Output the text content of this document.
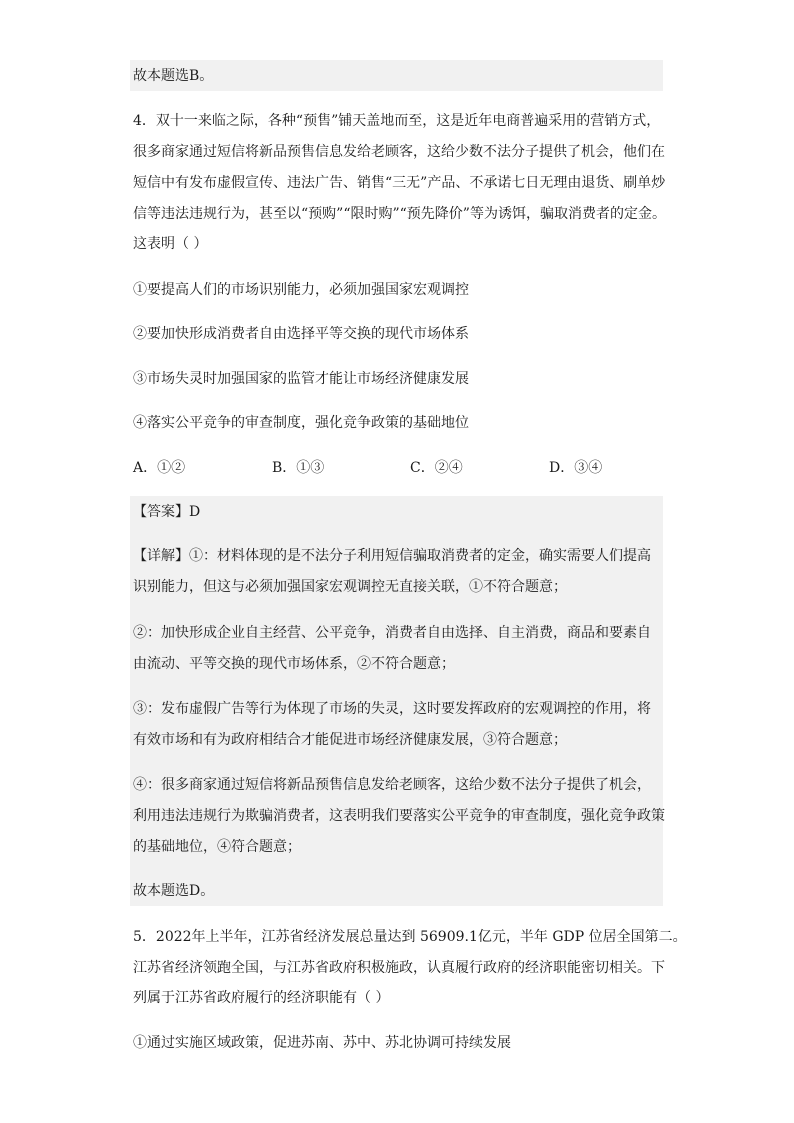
故本题选B。
4．双十一来临之际，各种“预售”铺天盖地而至，这是近年电商普遍采用的营销方式，
很多商家通过短信将新品预售信息发给老顾客，这给少数不法分子提供了机会，他们在
短信中有发布虚假宣传、违法广告、销售“三无”产品、不承诺七日无理由退货、刷单炒
信等违法违规行为，甚至以“预购”“限时购”“预先降价”等为诱饵，骗取消费者的定金。
这表明（ ）
①要提高人们的市场识别能力，必须加强国家宏观调控
②要加快形成消费者自由选择平等交换的现代市场体系
③市场失灵时加强国家的监管才能让市场经济健康发展
④落实公平竞争的审查制度，强化竞争政策的基础地位
A．①②	B．①③	C．②④	D．③④
【答案】D
【详解】①：材料体现的是不法分子利用短信骗取消费者的定金，确实需要人们提高
识别能力，但这与必须加强国家宏观调控无直接关联，①不符合题意；
②：加快形成企业自主经营、公平竞争，消费者自由选择、自主消费，商品和要素自
由流动、平等交换的现代市场体系，②不符合题意；
③：发布虚假广告等行为体现了市场的失灵，这时要发挥政府的宏观调控的作用，将
有效市场和有为政府相结合才能促进市场经济健康发展，③符合题意；
④：很多商家通过短信将新品预售信息发给老顾客，这给少数不法分子提供了机会，
利用违法违规行为欺骗消费者，这表明我们要落实公平竞争的审查制度，强化竞争政策
的基础地位，④符合题意；
故本题选D。
5．2022年上半年，江苏省经济发展总量达到 56909.1亿元，半年 GDP 位居全国第二。
江苏省经济领跑全国，与江苏省政府积极施政，认真履行政府的经济职能密切相关。下
列属于江苏省政府履行的经济职能有（ ）
①通过实施区域政策，促进苏南、苏中、苏北协调可持续发展
